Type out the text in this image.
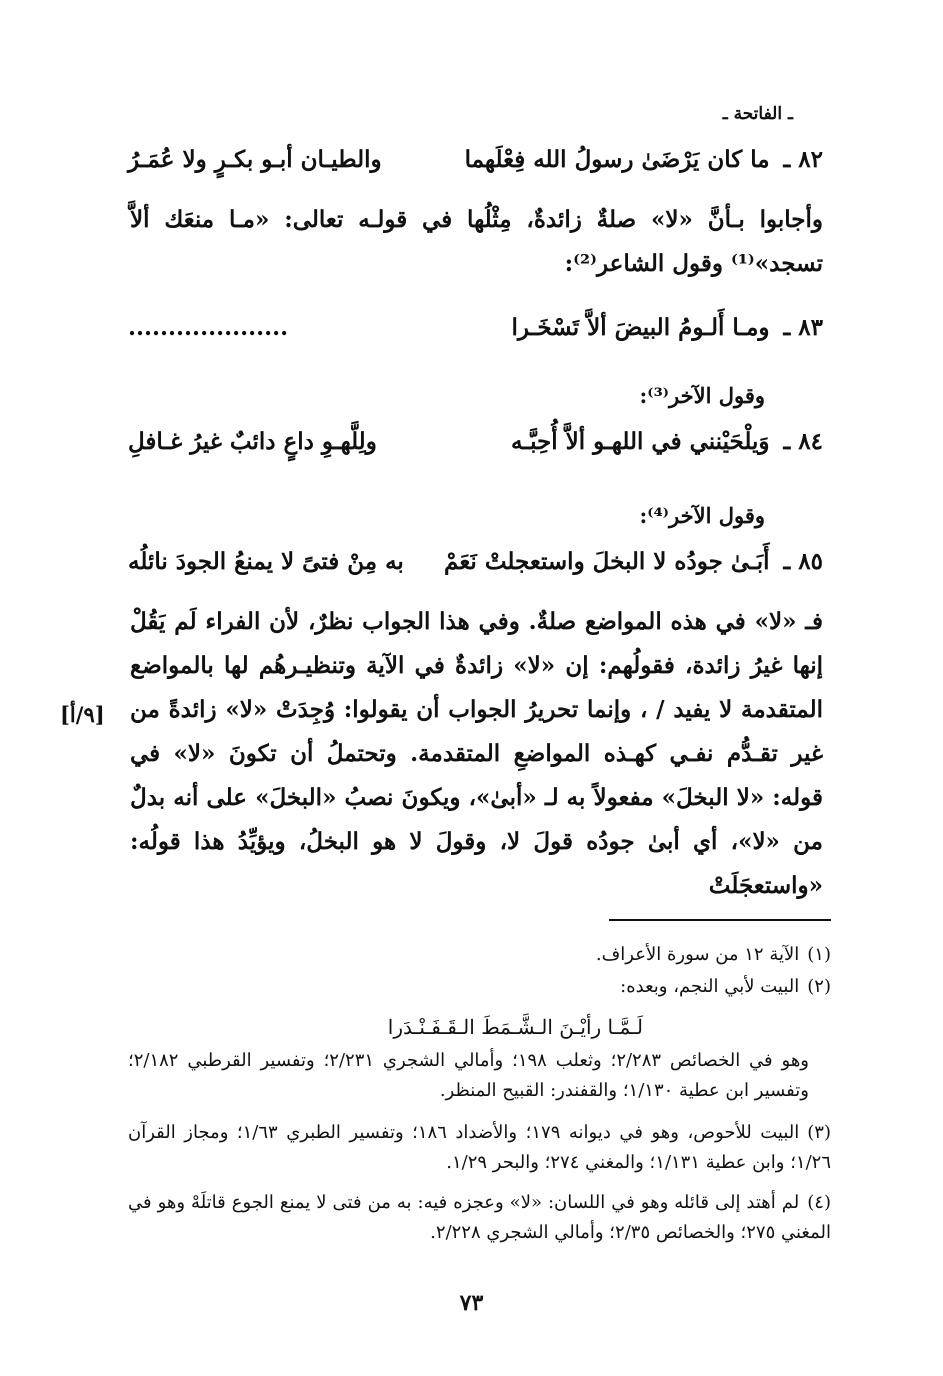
ـ الفاتحة ـ
٨٢ ـ
ما كان يَرْضَىٰ رسولُ الله فِعْلَهما
والطيـان أبـو بكـرٍ ولا عُمَـرُ
وأجابوا بـأنَّ «لا» صلةٌ زائدةٌ، مِثْلُها في قولـه تعالى: «مـا منعَك ألاَّ تسجد»⁽¹⁾ وقول الشاعر⁽²⁾:
٨٣ ـ
ومـا أَلـومُ البيضَ ألاَّ تَسْخَـرا
....................
وقول الآخر⁽³⁾:
٨٤ ـ
وَيلْحَيْنني في اللهـو ألاَّ أُحِبَّـه
ولِلَّهـوِ داعٍ دائبٌ غيرُ غـافلِ
وقول الآخر⁽⁴⁾:
٨٥ ـ
أَبَـىٰ جودُه لا البخلَ واستعجلتْ نَعَمْ
به مِنْ فتىً لا يمنعُ الجودَ نائلُه
فـ «لا» في هذه المواضع صلةٌ. وفي هذا الجواب نظرٌ، لأن الفراء لَم يَقُلْ إنها غيرُ زائدة، فقولُهم: إن «لا» زائدةٌ في الآية وتنظيـرهُم لها بالمواضع المتقدمة لا يفيد / ، وإنما تحريرُ الجواب أن يقولوا: وُجِدَتْ «لا» زائدةً من غير تقـدُّم نفـي كهـذه المواضعِ المتقدمة. وتحتملُ أن تكونَ «لا» في قوله: «لا البخلَ» مفعولاً به لـ «أبىٰ»، ويكونَ نصبُ «البخلَ» على أنه بدلٌ من «لا»، أي أبىٰ جودُه قولَ لا، وقولَ لا هو البخلُ، ويؤيِّدُ هذا قولُه: «واستعجَلَتْ
[٩/أ]
(١)الآية ١٢ من سورة الأعراف.
(٢)البيت لأبي النجم، وبعده:
لَـمَّـا رأيْـنَ الـشَّـمَطَ الـقَـفَـنْـدَرا
وهو في الخصائص ٢/٢٨٣؛ وثعلب ١٩٨؛ وأمالي الشجري ٢/٢٣١؛ وتفسير القرطبي ٢/١٨٢؛ وتفسير ابن عطية ١/١٣٠؛ والقفندر: القبيح المنظر.
(٣)البيت للأحوص، وهو في ديوانه ١٧٩؛ والأضداد ١٨٦؛ وتفسير الطبري ١/٦٣؛ ومجاز القرآن ١/٢٦؛ وابن عطية ١/١٣١؛ والمغني ٢٧٤؛ والبحر ١/٢٩.
(٤)لم أهتد إلى قائله وهو في اللسان: «لا» وعجزه فيه: به من فتى لا يمنع الجوع قاتلَهْ وهو في المغني ٢٧٥؛ والخصائص ٢/٣٥؛ وأمالي الشجري ٢/٢٢٨.
٧٣
